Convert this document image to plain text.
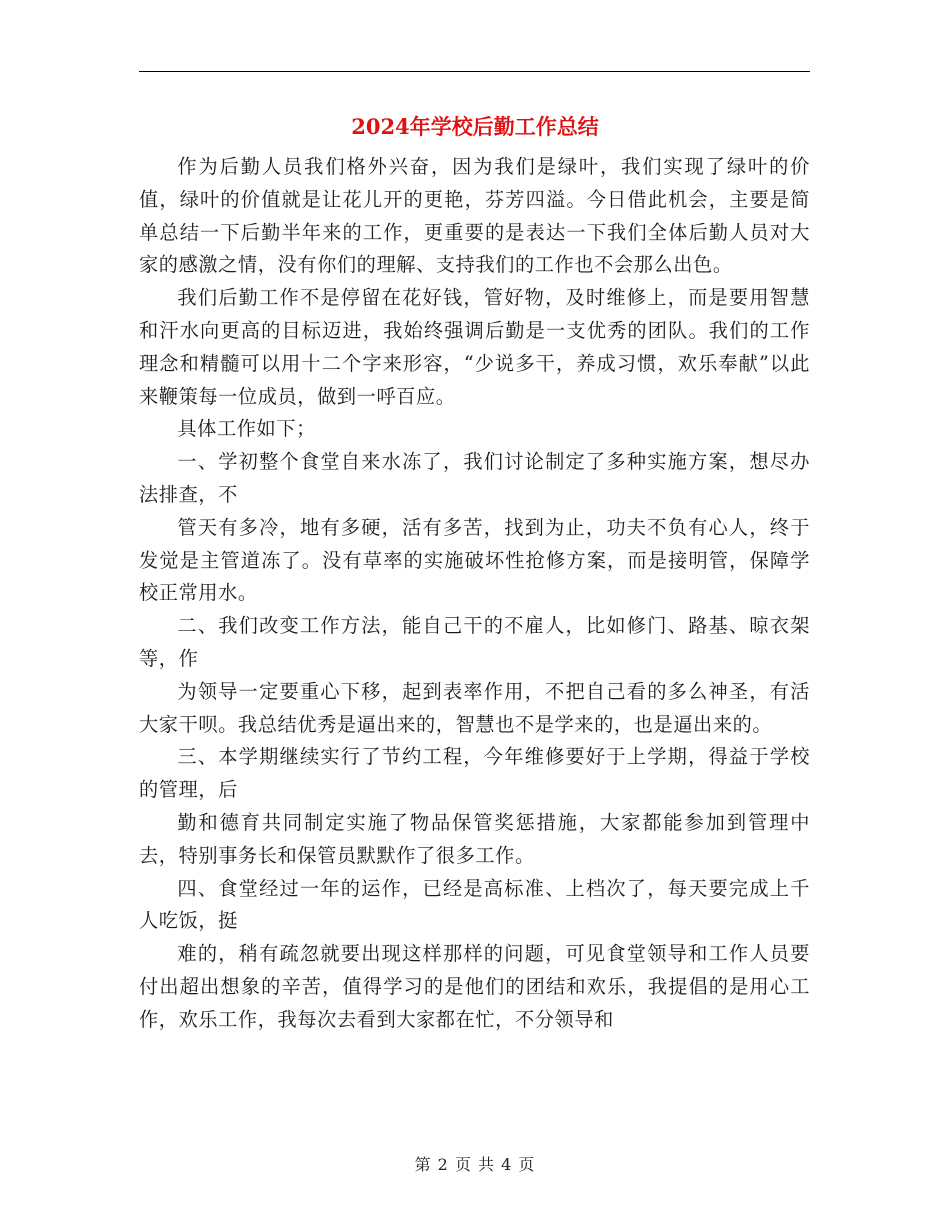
2024年学校后勤工作总结

作为后勤人员我们格外兴奋，因为我们是绿叶，我们实现了绿叶的价值，绿叶的价值就是让花儿开的更艳，芬芳四溢。今日借此机会，主要是简单总结一下后勤半年来的工作，更重要的是表达一下我们全体后勤人员对大家的感激之情，没有你们的理解、支持我们的工作也不会那么出色。

我们后勤工作不是停留在花好钱，管好物，及时维修上，而是要用智慧和汗水向更高的目标迈进，我始终强调后勤是一支优秀的团队。我们的工作理念和精髓可以用十二个字来形容，“少说多干，养成习惯，欢乐奉献”以此来鞭策每一位成员，做到一呼百应。

具体工作如下；

一、学初整个食堂自来水冻了，我们讨论制定了多种实施方案，想尽办法排查，不

管天有多冷，地有多硬，活有多苦，找到为止，功夫不负有心人，终于发觉是主管道冻了。没有草率的实施破坏性抢修方案，而是接明管，保障学校正常用水。

二、我们改变工作方法，能自己干的不雇人，比如修门、路基、晾衣架等，作

为领导一定要重心下移，起到表率作用，不把自己看的多么神圣，有活大家干呗。我总结优秀是逼出来的，智慧也不是学来的，也是逼出来的。

三、本学期继续实行了节约工程，今年维修要好于上学期，得益于学校的管理，后

勤和德育共同制定实施了物品保管奖惩措施，大家都能参加到管理中去，特别事务长和保管员默默作了很多工作。

四、食堂经过一年的运作，已经是高标准、上档次了，每天要完成上千人吃饭，挺

难的，稍有疏忽就要出现这样那样的问题，可见食堂领导和工作人员要付出超出想象的辛苦，值得学习的是他们的团结和欢乐，我提倡的是用心工作，欢乐工作，我每次去看到大家都在忙，不分领导和

第 2 页 共 4 页
